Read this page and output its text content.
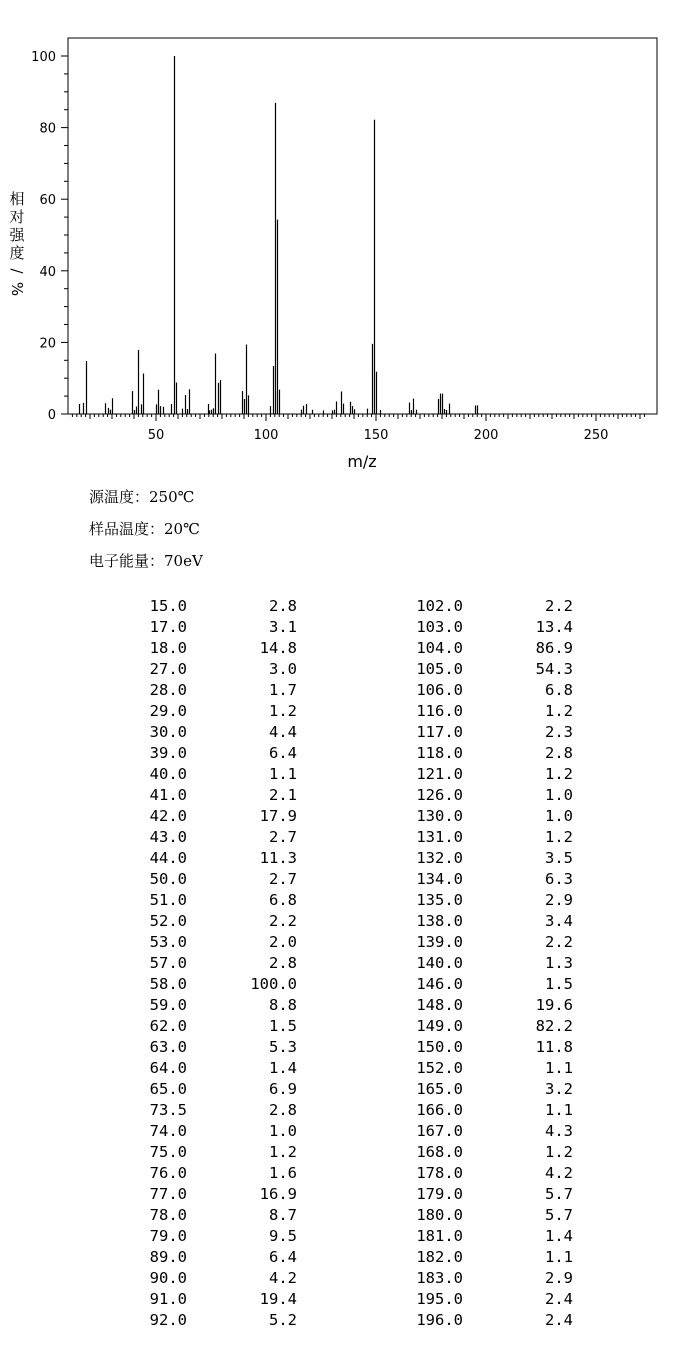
0
20
40
60
80
100
50	100	150	200	250
m/z
相
对
强
度
/
%
源温度：250℃
样品温度：20℃
电子能量：70eV
15.0	2.8	102.0	2.2
17.0	3.1	103.0	13.4
18.0	14.8	104.0	86.9
27.0	3.0	105.0	54.3
28.0	1.7	106.0	6.8
29.0	1.2	116.0	1.2
30.0	4.4	117.0	2.3
39.0	6.4	118.0	2.8
40.0	1.1	121.0	1.2
41.0	2.1	126.0	1.0
42.0	17.9	130.0	1.0
43.0	2.7	131.0	1.2
44.0	11.3	132.0	3.5
50.0	2.7	134.0	6.3
51.0	6.8	135.0	2.9
52.0	2.2	138.0	3.4
53.0	2.0	139.0	2.2
57.0	2.8	140.0	1.3
58.0	100.0	146.0	1.5
59.0	8.8	148.0	19.6
62.0	1.5	149.0	82.2
63.0	5.3	150.0	11.8
64.0	1.4	152.0	1.1
65.0	6.9	165.0	3.2
73.5	2.8	166.0	1.1
74.0	1.0	167.0	4.3
75.0	1.2	168.0	1.2
76.0	1.6	178.0	4.2
77.0	16.9	179.0	5.7
78.0	8.7	180.0	5.7
79.0	9.5	181.0	1.4
89.0	6.4	182.0	1.1
90.0	4.2	183.0	2.9
91.0	19.4	195.0	2.4
92.0	5.2	196.0	2.4
